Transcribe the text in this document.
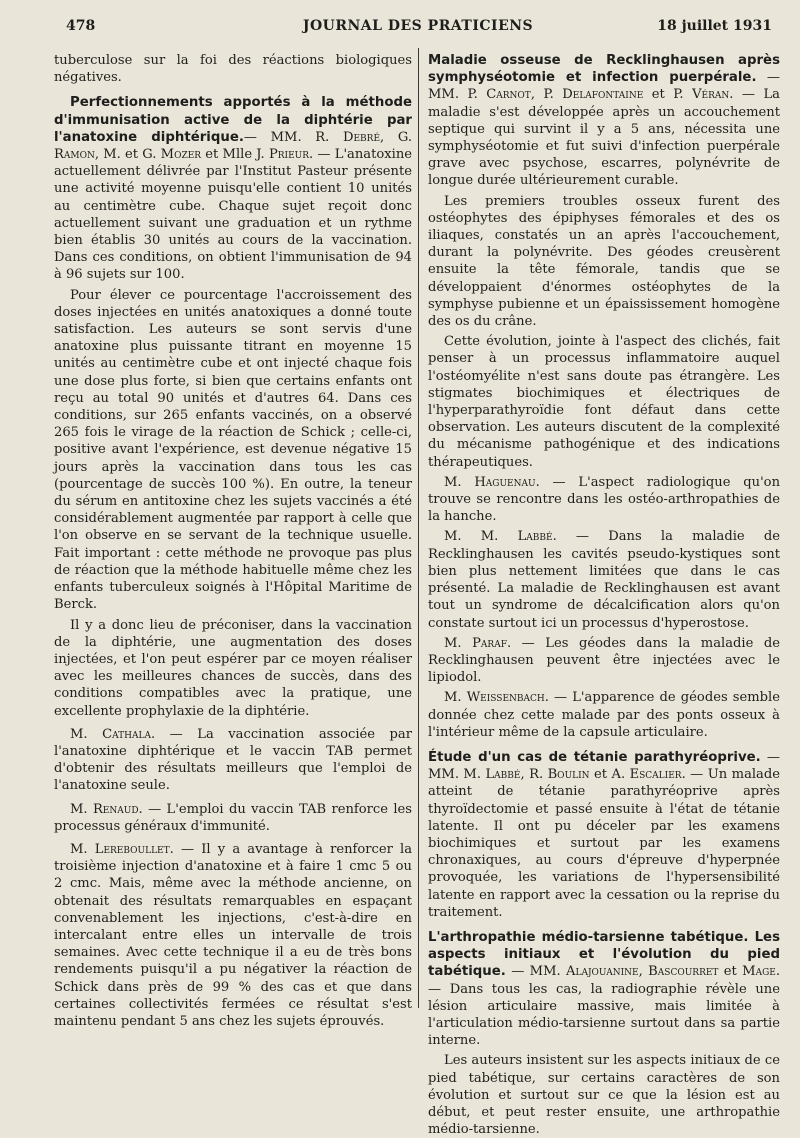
478	JOURNAL DES PRATICIENS	18 juillet 1931

tuberculose sur la foi des réactions biologiques négatives.

Perfectionnements apportés à la méthode d'immunisation active de la diphtérie par l'anatoxine diphtérique.— MM. R. Debré, G. Ramon, M. et G. Mozer et Mlle J. Prieur. — L'anatoxine actuellement délivrée par l'Institut Pasteur présente une activité moyenne puisqu'elle contient 10 unités au centimètre cube. Chaque sujet reçoit donc actuellement suivant une graduation et un rythme bien établis 30 unités au cours de la vaccination. Dans ces conditions, on obtient l'immunisation de 94 à 96 sujets sur 100.

Pour élever ce pourcentage l'accroissement des doses injectées en unités anatoxiques a donné toute satisfaction. Les auteurs se sont servis d'une anatoxine plus puissante titrant en moyenne 15 unités au centimètre cube et ont injecté chaque fois une dose plus forte, si bien que certains enfants ont reçu au total 90 unités et d'autres 64. Dans ces conditions, sur 265 enfants vaccinés, on a observé 265 fois le virage de la réaction de Schick ; celle-ci, positive avant l'expérience, est devenue négative 15 jours après la vaccination dans tous les cas (pourcentage de succès 100 %). En outre, la teneur du sérum en antitoxine chez les sujets vaccinés a été considérablement augmentée par rapport à celle que l'on observe en se servant de la technique usuelle. Fait important : cette méthode ne provoque pas plus de réaction que la méthode habituelle même chez les enfants tuberculeux soignés à l'Hôpital Maritime de Berck.

Il y a donc lieu de préconiser, dans la vaccination de la diphtérie, une augmentation des doses injectées, et l'on peut espérer par ce moyen réaliser avec les meilleures chances de succès, dans des conditions compatibles avec la pratique, une excellente prophylaxie de la diphtérie.

M. Cathala. — La vaccination associée par l'anatoxine diphtérique et le vaccin TAB permet d'obtenir des résultats meilleurs que l'emploi de l'anatoxine seule.

M. Renaud. — L'emploi du vaccin TAB renforce les processus généraux d'immunité.

M. Lereboullet. — Il y a avantage à renforcer la troisième injection d'anatoxine et à faire 1 cmc 5 ou 2 cmc. Mais, même avec la méthode ancienne, on obtenait des résultats remarquables en espaçant convenablement les injections, c'est-à-dire en intercalant entre elles un intervalle de trois semaines. Avec cette technique il a eu de très bons rendements puisqu'il a pu négativer la réaction de Schick dans près de 99 % des cas et que dans certaines collectivités fermées ce résultat s'est maintenu pendant 5 ans chez les sujets éprouvés.

Maladie osseuse de Recklinghausen après symphyséotomie et infection puerpérale. — MM. P. Carnot, P. Delafontaine et P. Véran. — La maladie s'est développée après un accouchement septique qui survint il y a 5 ans, nécessita une symphyséotomie et fut suivi d'infection puerpérale grave avec psychose, escarres, polynévrite de longue durée ultérieurement curable.

Les premiers troubles osseux furent des ostéophytes des épiphyses fémorales et des os iliaques, constatés un an après l'accouchement, durant la polynévrite. Des géodes creusèrent ensuite la tête fémorale, tandis que se développaient d'énormes ostéophytes de la symphyse pubienne et un épaississement homogène des os du crâne.

Cette évolution, jointe à l'aspect des clichés, fait penser à un processus inflammatoire auquel l'ostéomyélite n'est sans doute pas étrangère. Les stigmates biochimiques et électriques de l'hyperparathyroïdie font défaut dans cette observation. Les auteurs discutent de la complexité du mécanisme pathogénique et des indications thérapeutiques.

M. Haguenau. — L'aspect radiologique qu'on trouve se rencontre dans les ostéo-arthropathies de la hanche.

M. M. Labbé. — Dans la maladie de Recklinghausen les cavités pseudo-kystiques sont bien plus nettement limitées que dans le cas présenté. La maladie de Recklinghausen est avant tout un syndrome de décalcification alors qu'on constate surtout ici un processus d'hyperostose.

M. Paraf. — Les géodes dans la maladie de Recklinghausen peuvent être injectées avec le lipiodol.

M. Weissenbach. — L'apparence de géodes semble donnée chez cette malade par des ponts osseux à l'intérieur même de la capsule articulaire.

Étude d'un cas de tétanie parathyréoprive. — MM. M. Labbé, R. Boulin et A. Escalier. — Un malade atteint de tétanie parathyréoprive après thyroïdectomie et passé ensuite à l'état de tétanie latente. Il ont pu déceler par les examens biochimiques et surtout par les examens chronaxiques, au cours d'épreuve d'hyperpnée provoquée, les variations de l'hypersensibilité latente en rapport avec la cessation ou la reprise du traitement.

L'arthropathie médio-tarsienne tabétique. Les aspects initiaux et l'évolution du pied tabétique. — MM. Alajouanine, Bascourret et Mage. — Dans tous les cas, la radiographie révèle une lésion articulaire massive, mais limitée à l'articulation médio-tarsienne surtout dans sa partie interne.

Les auteurs insistent sur les aspects initiaux de ce pied tabétique, sur certains caractères de son évolution et surtout sur ce que la lésion est au début, et peut rester ensuite, une arthropathie médio-tarsienne.
